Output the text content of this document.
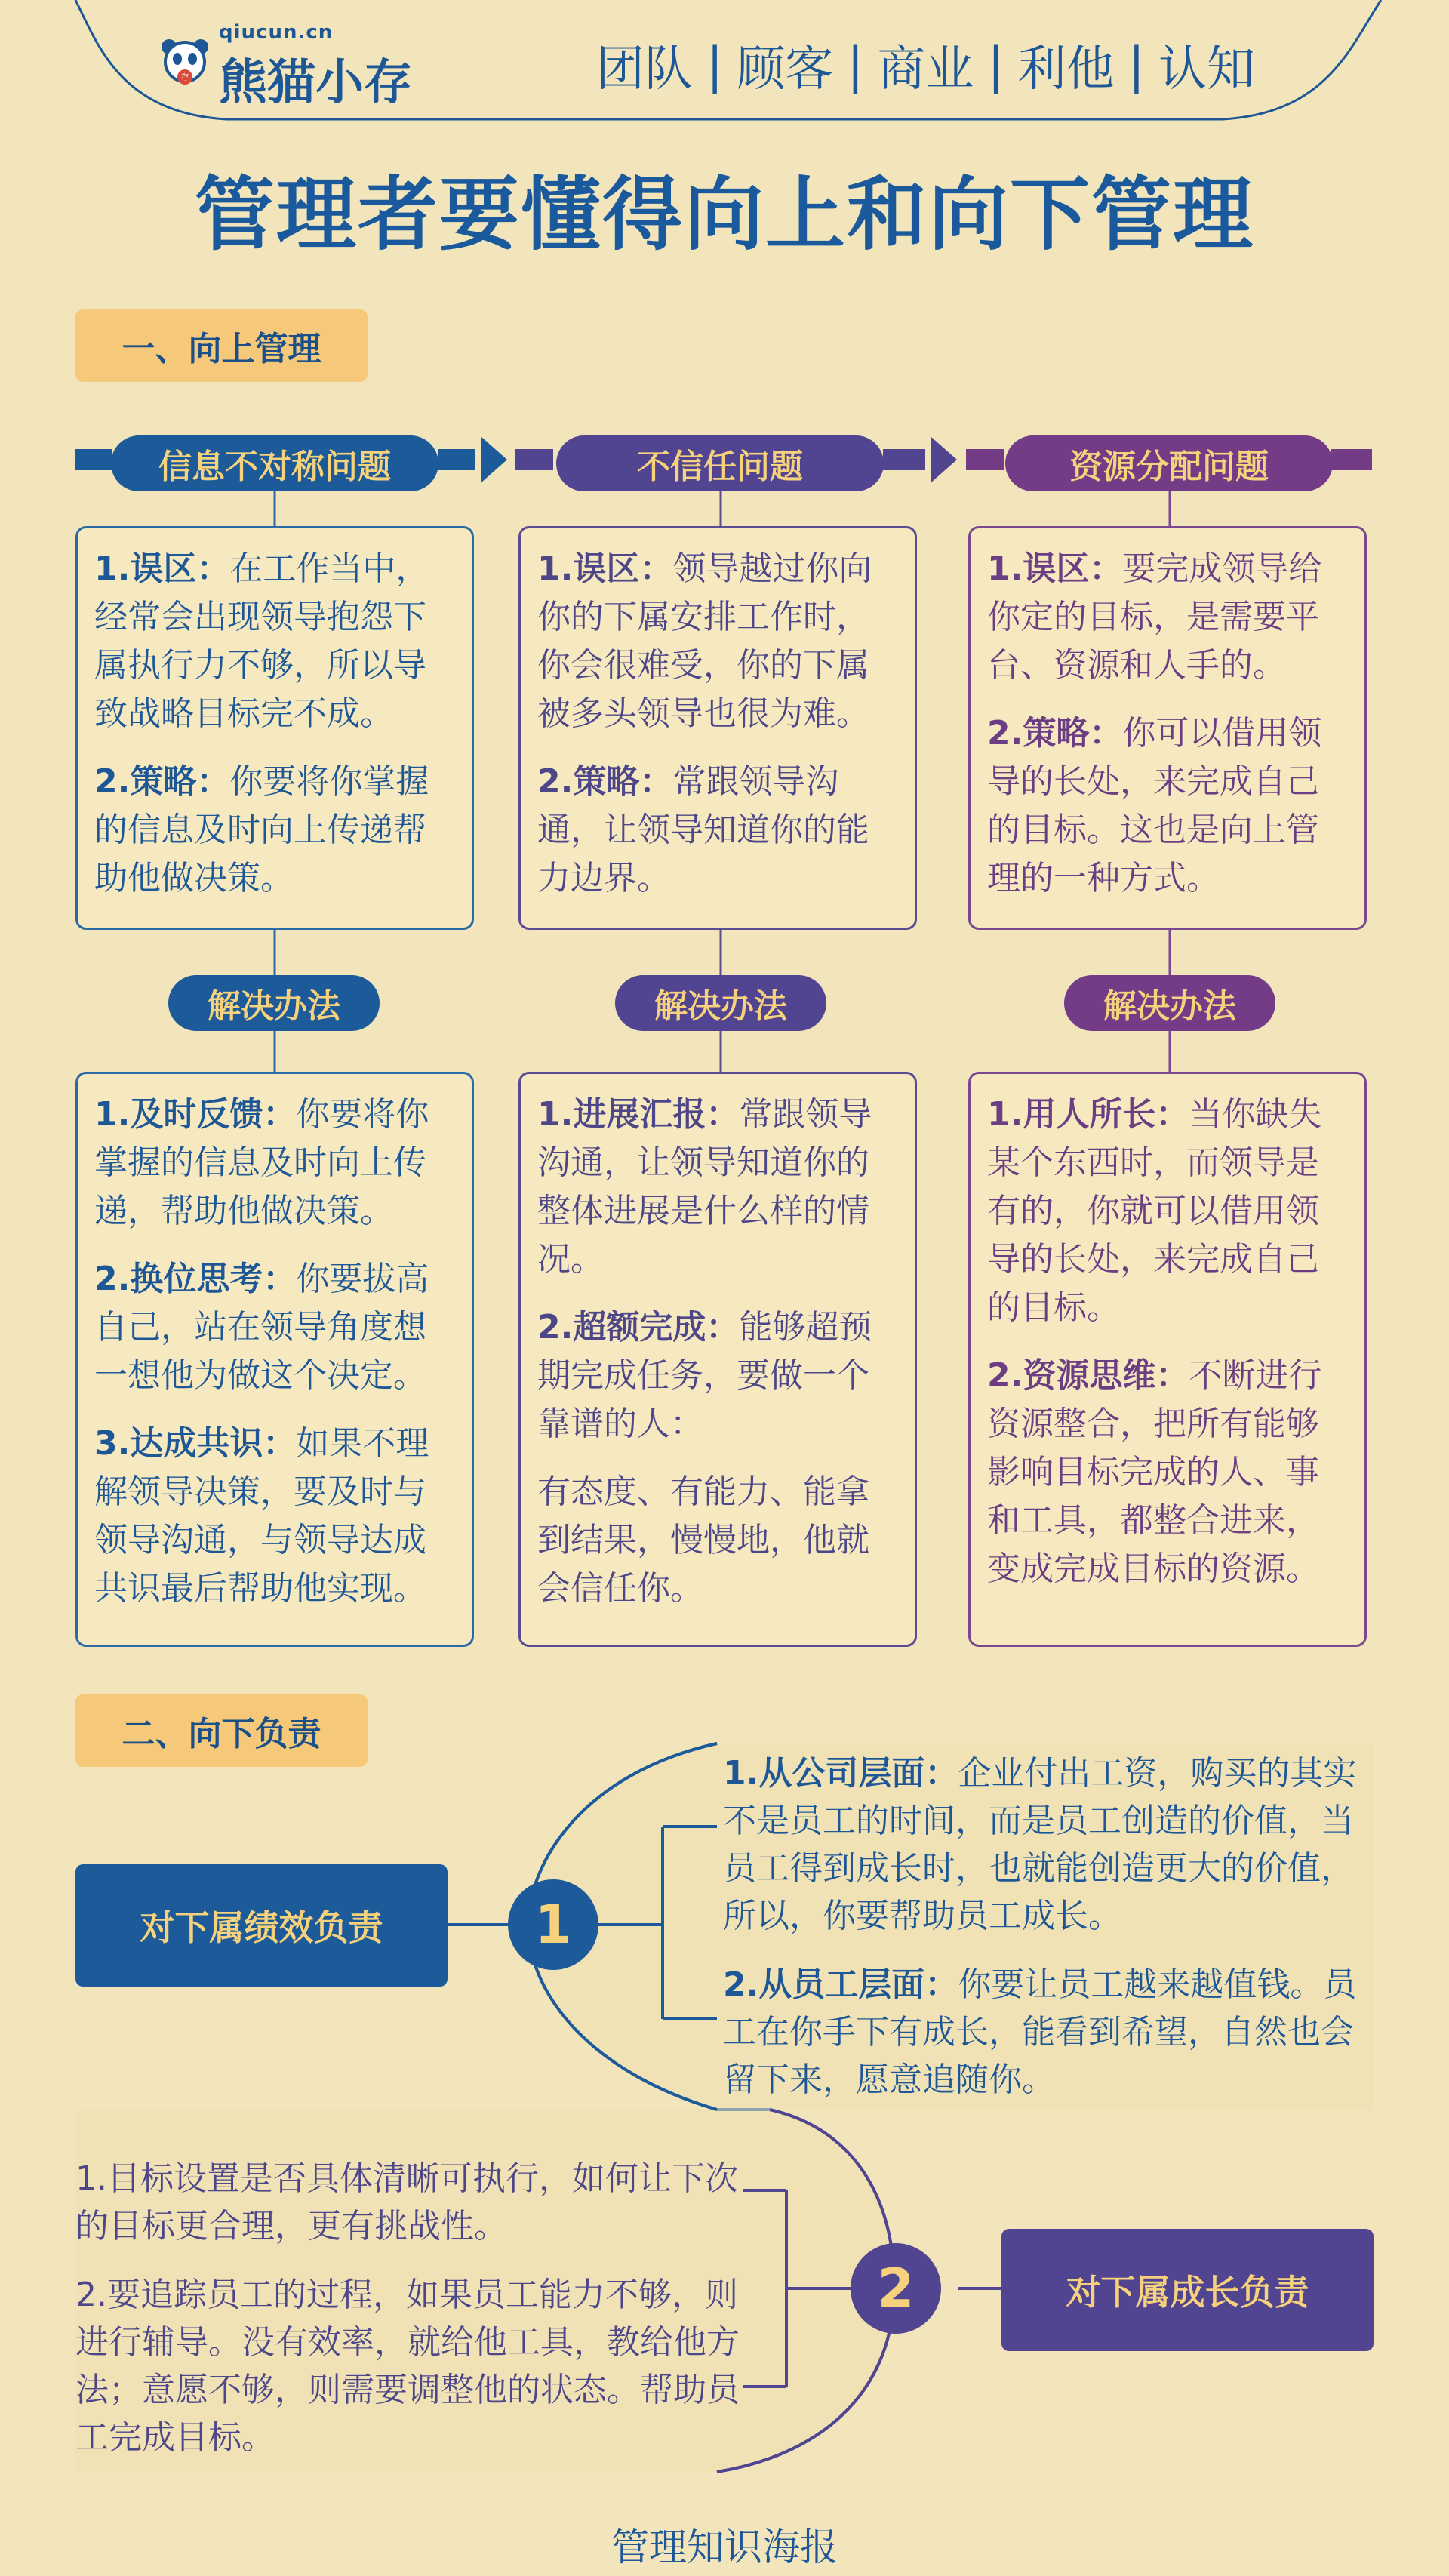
存
qiucun.cn
熊猫小存	团队 | 顾客 | 商业 | 利他 | 认知
管理者要懂得向上和向下管理
一、向上管理
信息不对称问题	不信任问题	资源分配问题

1.误区：在工作当中，经常会出现领导抱怨下属执行力不够，所以导致战略目标完不成。

2.策略：你要将你掌握的信息及时向上传递帮助他做决策。

1.误区：领导越过你向你的下属安排工作时，你会很难受，你的下属被多头领导也很为难。

2.策略：常跟领导沟通，让领导知道你的能力边界。

1.误区：要完成领导给你定的目标，是需要平台、资源和人手的。

2.策略：你可以借用领导的长处，来完成自己的目标。这也是向上管理的一种方式。

解决办法	解决办法	解决办法

1.及时反馈：你要将你掌握的信息及时向上传递，帮助他做决策。

2.换位思考：你要拔高自己，站在领导角度想一想他为做这个决定。

3.达成共识：如果不理解领导决策，要及时与领导沟通，与领导达成共识最后帮助他实现。

1.进展汇报：常跟领导沟通，让领导知道你的整体进展是什么样的情况。

2.超额完成：能够超预期完成任务，要做一个靠谱的人：

有态度、有能力、能拿到结果，慢慢地，他就会信任你。

1.用人所长：当你缺失某个东西时，而领导是有的，你就可以借用领导的长处，来完成自己的目标。

2.资源思维：不断进行资源整合，把所有能够影响目标完成的人、事和工具，都整合进来，变成完成目标的资源。

二、向下负责
对下属绩效负责	1

1.从公司层面：企业付出工资，购买的其实不是员工的时间，而是员工创造的价值，当员工得到成长时，也就能创造更大的价值，所以，你要帮助员工成长。

2.从员工层面：你要让员工越来越值钱。员工在你手下有成长，能看到希望，自然也会留下来，愿意追随你。

2	对下属成长负责

1.目标设置是否具体清晰可执行，如何让下次的目标更合理，更有挑战性。

2.要追踪员工的过程，如果员工能力不够，则进行辅导。没有效率，就给他工具，教给他方法；意愿不够，则需要调整他的状态。帮助员工完成目标。

管理知识海报
